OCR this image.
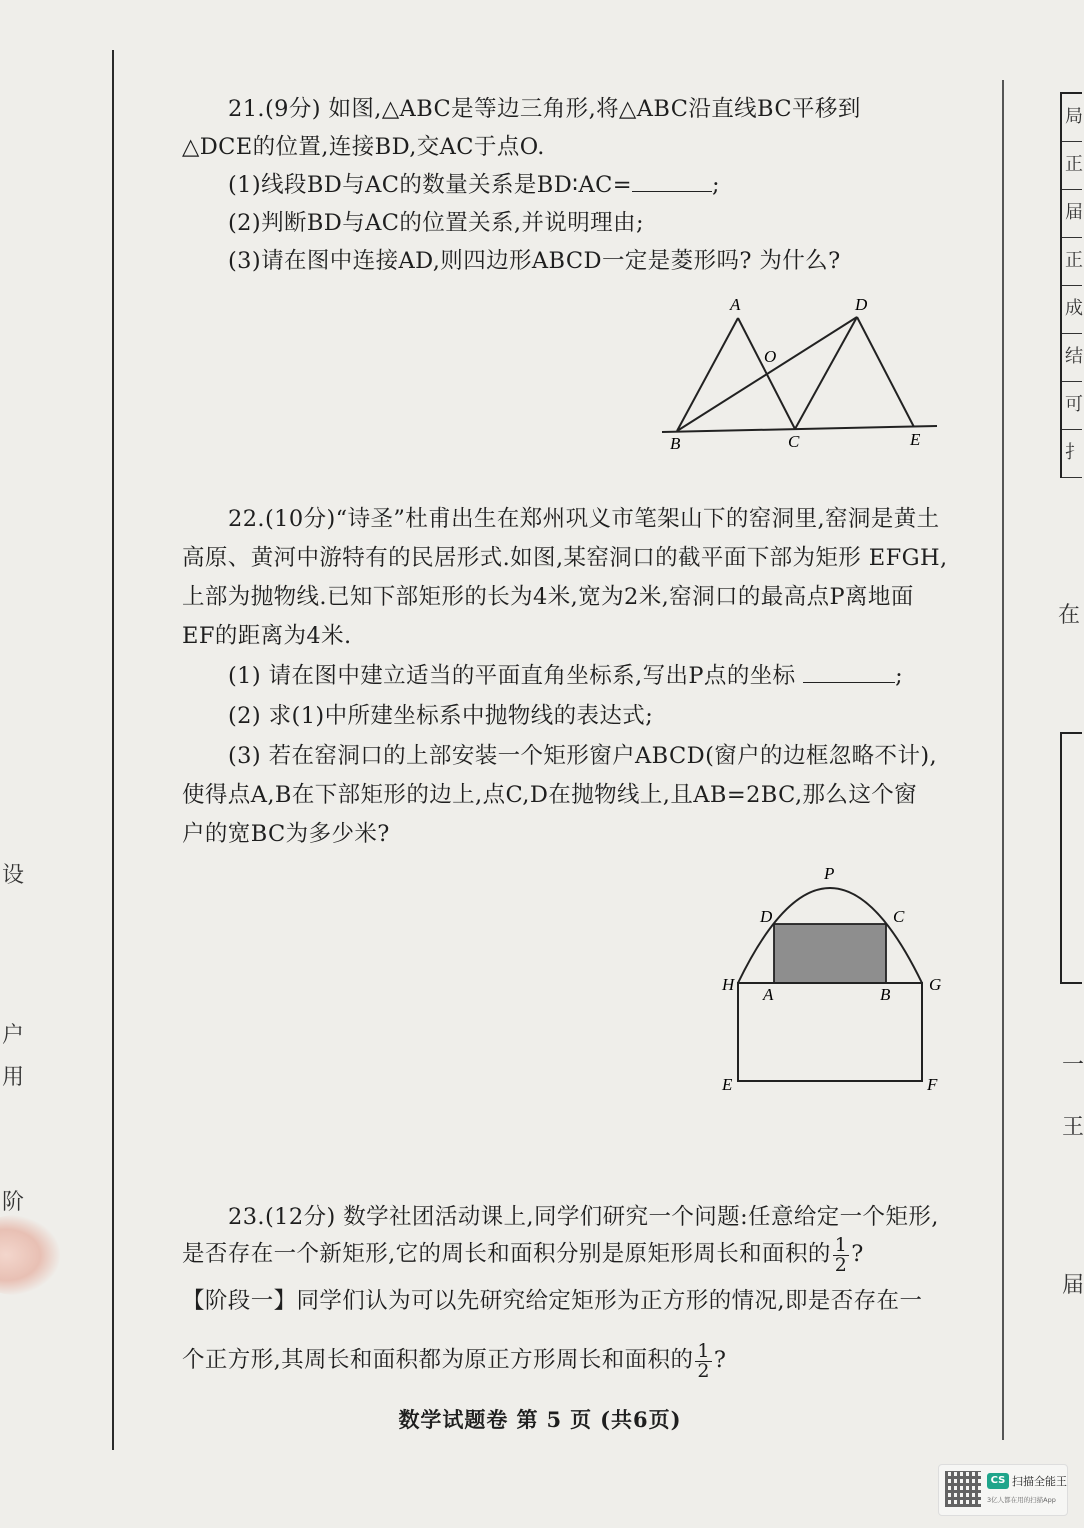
设
户
用
阶
局
正
届
正
成
结
可
扌
在
一
王
届
21.(9分) 如图,△ABC是等边三角形,将△ABC沿直线BC平移到
△DCE的位置,连接BD,交AC于点O.
(1)线段BD与AC的数量关系是BD∶AC=	;
(2)判断BD与AC的位置关系,并说明理由;
(3)请在图中连接AD,则四边形ABCD一定是菱形吗? 为什么?
A	D
O
B	C	E
22.(10分)“诗圣”杜甫出生在郑州巩义市笔架山下的窑洞里,窑洞是黄土
高原、黄河中游特有的民居形式.如图,某窑洞口的截平面下部为矩形 EFGH,
上部为抛物线.已知下部矩形的长为4米,宽为2米,窑洞口的最高点P离地面
EF的距离为4米.
(1) 请在图中建立适当的平面直角坐标系,写出P点的坐标	;
(2) 求(1)中所建坐标系中抛物线的表达式;
(3) 若在窑洞口的上部安装一个矩形窗户ABCD(窗户的边框忽略不计),
使得点A,B在下部矩形的边上,点C,D在抛物线上,且AB=2BC,那么这个窗
户的宽BC为多少米?
P
D	C
H
A	B
G
E	F
23.(12分) 数学社团活动课上,同学们研究一个问题:任意给定一个矩形,
是否存在一个新矩形,它的周长和面积分别是原矩形周长和面积的 $\frac{1}{2}$ ?
【阶段一】同学们认为可以先研究给定矩形为正方形的情况,即是否存在一
个正方形,其周长和面积都为原正方形周长和面积的 $\frac{1}{2}$ ?
数学试题卷 第 5 页 (共6页)
CS 扫描全能王
3亿人都在用的扫描App
